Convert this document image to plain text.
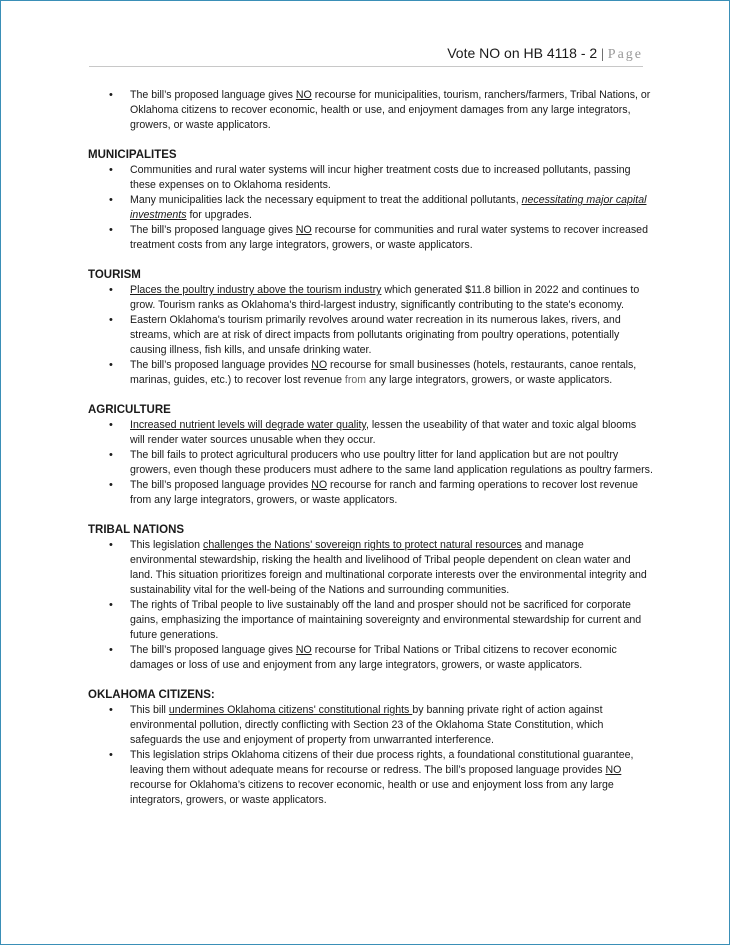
Vote NO on HB 4118 - 2 | Page
• The bill’s proposed language gives NO recourse for municipalities, tourism, ranchers/farmers, Tribal Nations, or Oklahoma citizens to recover economic, health or use, and enjoyment damages from any large integrators, growers, or waste applicators.
MUNICIPALITES
• Communities and rural water systems will incur higher treatment costs due to increased pollutants, passing these expenses on to Oklahoma residents.
• Many municipalities lack the necessary equipment to treat the additional pollutants, necessitating major capital investments for upgrades.
• The bill’s proposed language gives NO recourse for communities and rural water systems to recover increased treatment costs from any large integrators, growers, or waste applicators.
TOURISM
• Places the poultry industry above the tourism industry which generated $11.8 billion in 2022 and continues to grow. Tourism ranks as Oklahoma's third-largest industry, significantly contributing to the state's economy.
• Eastern Oklahoma's tourism primarily revolves around water recreation in its numerous lakes, rivers, and streams, which are at risk of direct impacts from pollutants originating from poultry operations, potentially causing illness, fish kills, and unsafe drinking water.
• The bill’s proposed language provides NO recourse for small businesses (hotels, restaurants, canoe rentals, marinas, guides, etc.) to recover lost revenue from any large integrators, growers, or waste applicators.
AGRICULTURE
• Increased nutrient levels will degrade water quality, lessen the useability of that water and toxic algal blooms will render water sources unusable when they occur.
• The bill fails to protect agricultural producers who use poultry litter for land application but are not poultry growers, even though these producers must adhere to the same land application regulations as poultry farmers.
• The bill’s proposed language provides NO recourse for ranch and farming operations to recover lost revenue from any large integrators, growers, or waste applicators.
TRIBAL NATIONS
• This legislation challenges the Nations' sovereign rights to protect natural resources and manage environmental stewardship, risking the health and livelihood of Tribal people dependent on clean water and land. This situation prioritizes foreign and multinational corporate interests over the environmental integrity and sustainability vital for the well-being of the Nations and surrounding communities.
• The rights of Tribal people to live sustainably off the land and prosper should not be sacrificed for corporate gains, emphasizing the importance of maintaining sovereignty and environmental stewardship for current and future generations.
• The bill’s proposed language gives NO recourse for Tribal Nations or Tribal citizens to recover economic damages or loss of use and enjoyment from any large integrators, growers, or waste applicators.
OKLAHOMA CITIZENS:
• This bill undermines Oklahoma citizens' constitutional rights by banning private right of action against environmental pollution, directly conflicting with Section 23 of the Oklahoma State Constitution, which safeguards the use and enjoyment of property from unwarranted interference.
• This legislation strips Oklahoma citizens of their due process rights, a foundational constitutional guarantee, leaving them without adequate means for recourse or redress. The bill’s proposed language provides NO recourse for Oklahoma’s citizens to recover economic, health or use and enjoyment loss from any large integrators, growers, or waste applicators.
